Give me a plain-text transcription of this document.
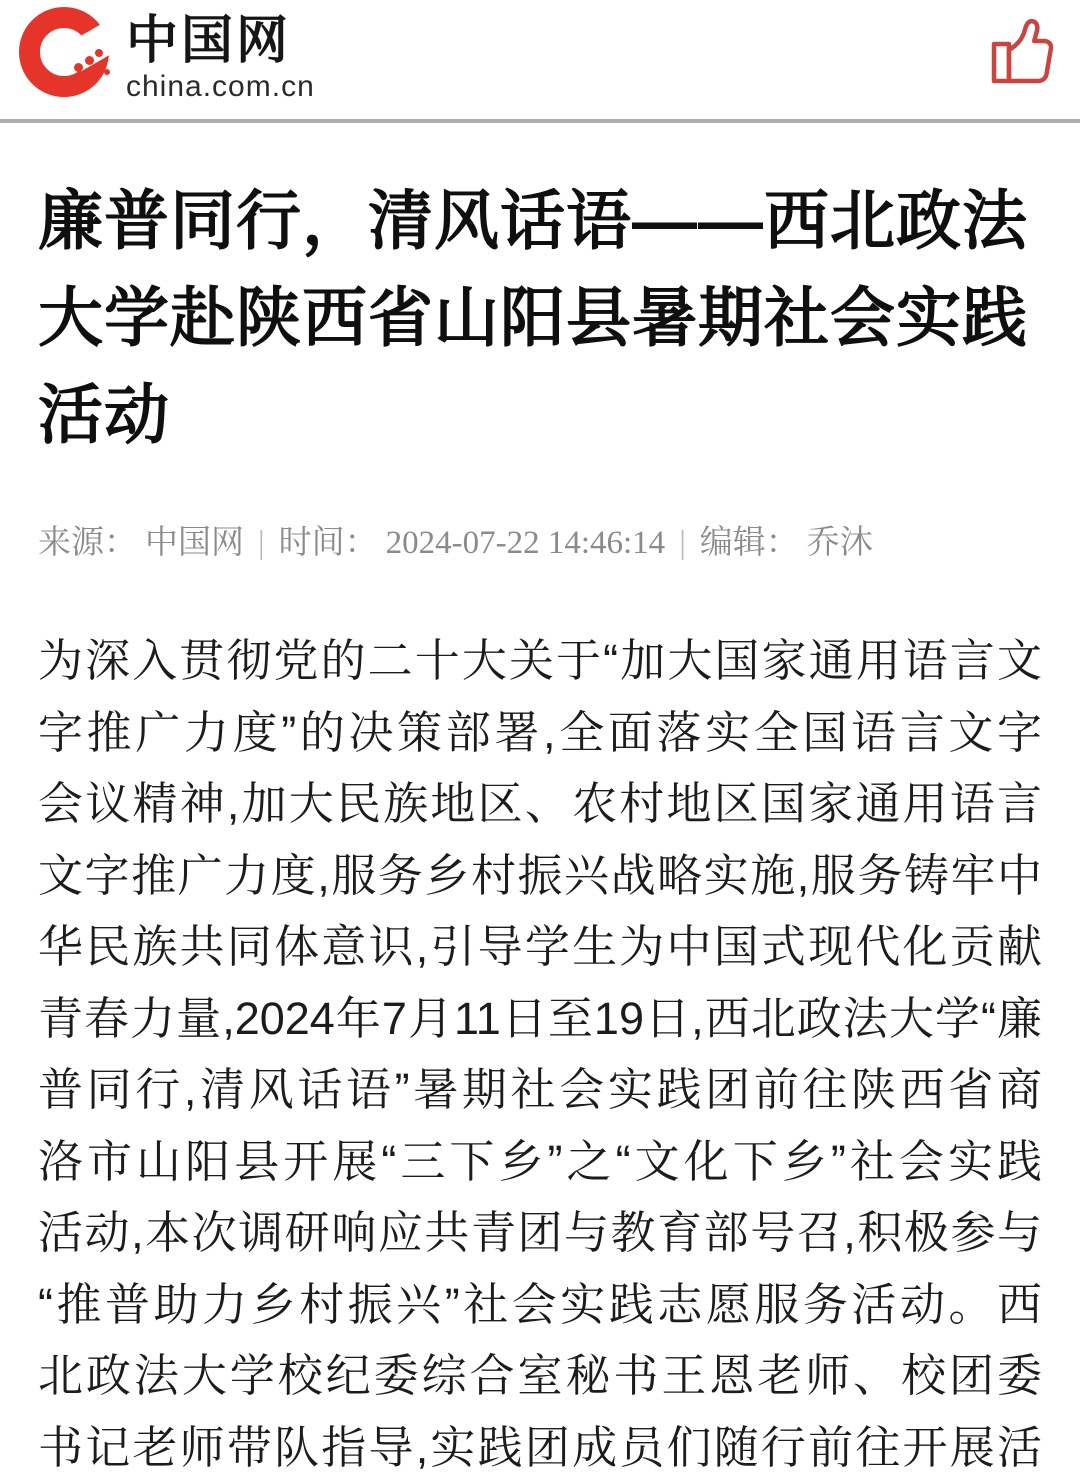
中国网
china.com.cn
廉普同行，清风话语——西北政法
大学赴陕西省山阳县暑期社会实践
活动
来源： 中国网 | 时间： 2024-07-22 14:46:14 | 编辑： 乔沐
为深入贯彻党的二十大关于“加大国家通用语言文
字推广力度”的决策部署,全面落实全国语言文字
会议精神,加大民族地区、农村地区国家通用语言
文字推广力度,服务乡村振兴战略实施,服务铸牢中
华民族共同体意识,引导学生为中国式现代化贡献
青春力量,2024年7月11日至19日,西北政法大学“廉
普同行,清风话语”暑期社会实践团前往陕西省商
洛市山阳县开展“三下乡”之“文化下乡”社会实践
活动,本次调研响应共青团与教育部号召,积极参与
“推普助力乡村振兴”社会实践志愿服务活动。西
北政法大学校纪委综合室秘书王恩老师、校团委
书记老师带队指导,实践团成员们随行前往开展活
